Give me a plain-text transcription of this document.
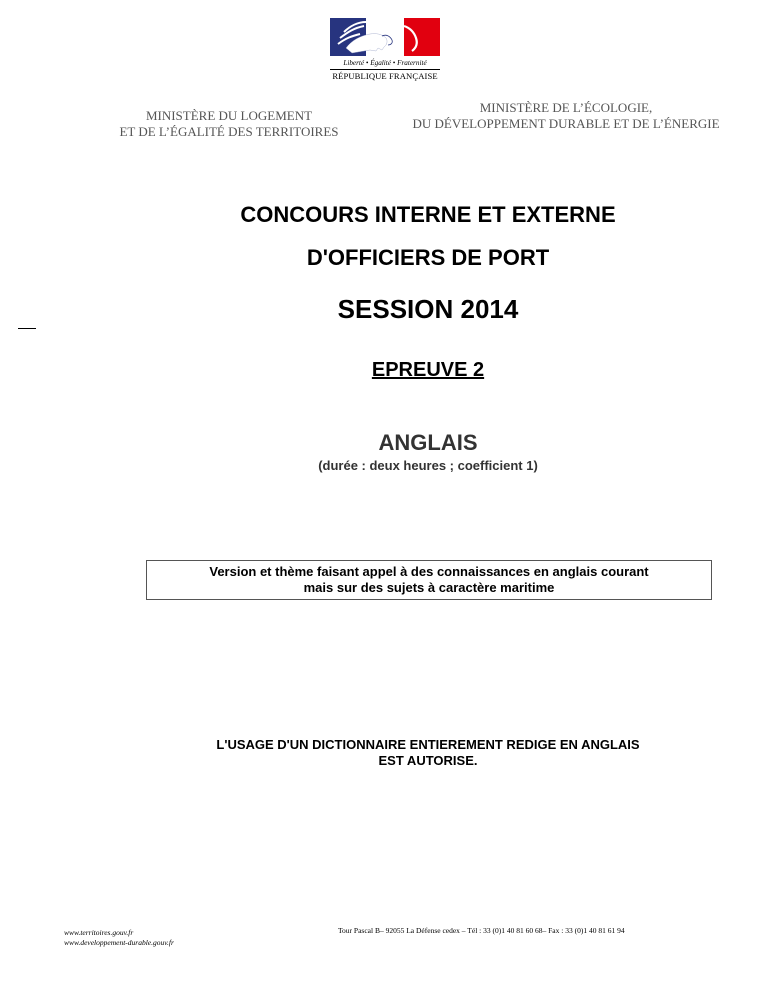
Liberté • Égalité • Fraternité
RÉPUBLIQUE FRANÇAISE
MINISTÈRE DU LOGEMENT
ET DE L’ÉGALITÉ DES TERRITOIRES
MINISTÈRE DE L’ÉCOLOGIE,
DU DÉVELOPPEMENT DURABLE ET DE L’ÉNERGIE
CONCOURS INTERNE ET EXTERNE
D'OFFICIERS DE PORT
SESSION 2014
EPREUVE 2
ANGLAIS
(durée : deux heures ; coefficient 1)
Version et thème faisant appel à des connaissances en anglais courant
mais sur des sujets à caractère maritime
L'USAGE D'UN DICTIONNAIRE ENTIEREMENT REDIGE EN ANGLAIS
EST AUTORISE.
www.territoires.gouv.fr
www.developpement-durable.gouv.fr
Tour Pascal B– 92055 La Défense cedex – Tél : 33 (0)1 40 81 60 68– Fax : 33 (0)1 40 81 61 94
